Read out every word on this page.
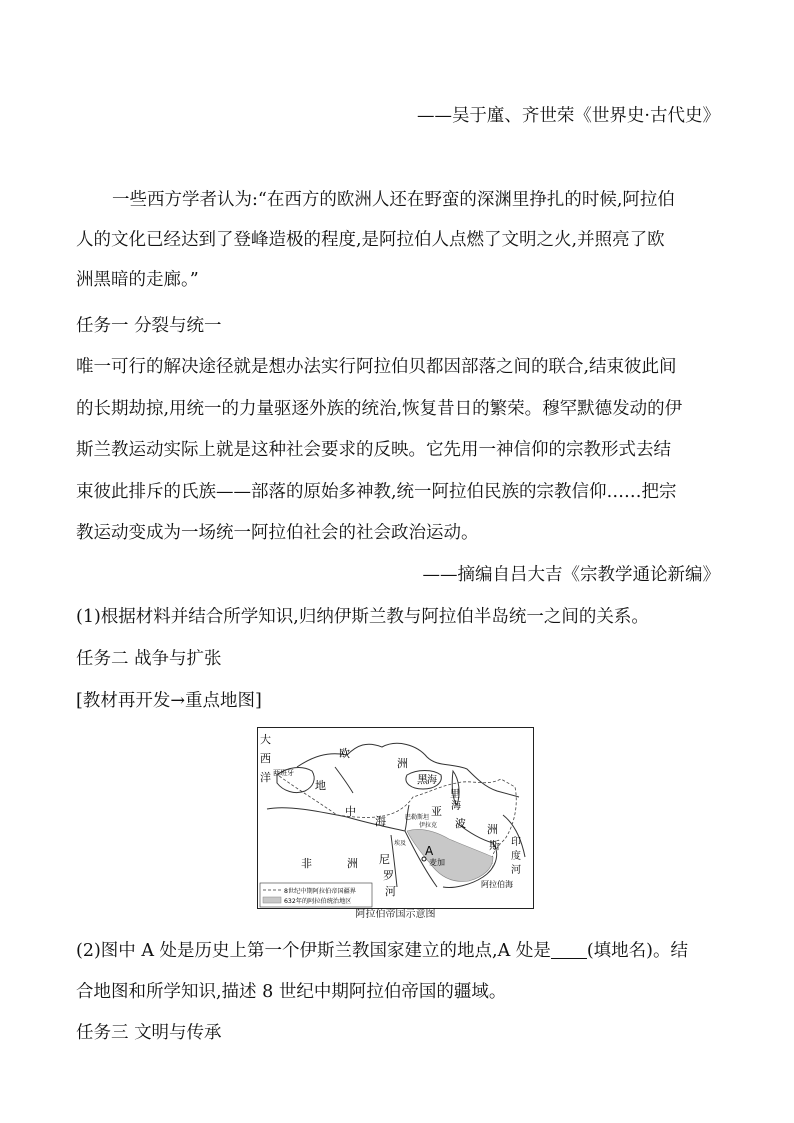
——吴于廑、齐世荣《世界史·古代史》
一些西方学者认为:“在西方的欧洲人还在野蛮的深渊里挣扎的时候,阿拉伯
人的文化已经达到了登峰造极的程度,是阿拉伯人点燃了文明之火,并照亮了欧
洲黑暗的走廊。”
任务一 分裂与统一
唯一可行的解决途径就是想办法实行阿拉伯贝都因部落之间的联合,结束彼此间
的长期劫掠,用统一的力量驱逐外族的统治,恢复昔日的繁荣。穆罕默德发动的伊
斯兰教运动实际上就是这种社会要求的反映。它先用一神信仰的宗教形式去结
束彼此排斥的氏族——部落的原始多神教,统一阿拉伯民族的宗教信仰……把宗
教运动变成为一场统一阿拉伯社会的社会政治运动。
——摘编自吕大吉《宗教学通论新编》
(1)根据材料并结合所学知识,归纳伊斯兰教与阿拉伯半岛统一之间的关系。
任务二 战争与扩张
[教材再开发→重点地图]
大
西
洋 西班牙
欧
洲
地
中
海
黑
里
海
海
亚
洲
波
斯 印
度
河
伊拉克
巴勒斯坦
埃及
非	洲 尼
罗
河
A
麦加
阿拉伯海
8世纪中期阿拉伯帝国疆界
632年的阿拉伯统治地区
阿拉伯帝国示意图
(2)图中 A 处是历史上第一个伊斯兰教国家建立的地点,A 处是 (填地名)。结
合地图和所学知识,描述 8 世纪中期阿拉伯帝国的疆域。
任务三 文明与传承
